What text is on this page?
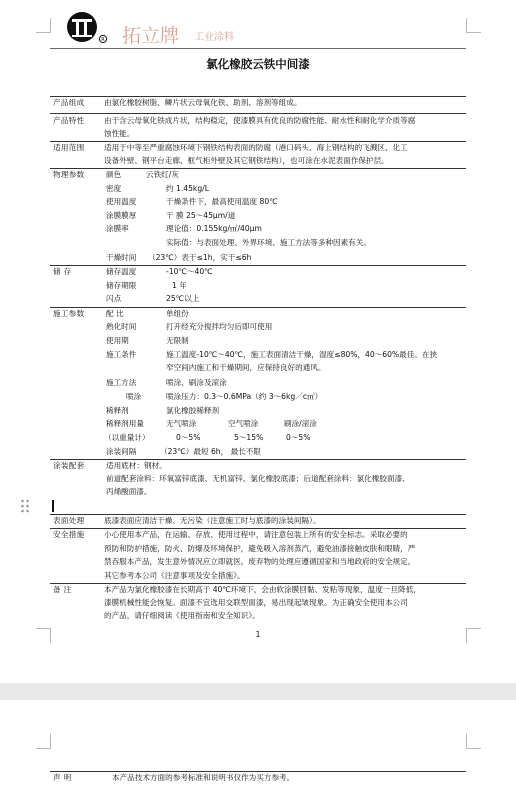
R 拓立牌 工业涂料
氯化橡胶云铁中间漆
产品组成	由氯化橡胶树脂、鳞片状云母氧化铁、助剂、溶剂等组成。
产品特性	由于含云母氧化铁成片状，结构稳定，使漆膜具有优良的防腐性能、耐水性和耐化学介质等腐
蚀性能。
适用范围	适用于中等至严重腐蚀环境下钢铁结构表面的防腐（港口码头、海上钢结构的飞溅区、化工
设备外壁、钢平台走廊、框气柜外壁及其它钢铁结构），也可涂在水泥表面作保护层。
物理参数	颜色	云铁红/灰
密度	约 1.45kg/L
使用温度	干燥条件下，最高使用温度 80℃
涂膜膜厚	干 膜 25～45μm/道
涂膜率	理论值：0.155kg/㎡/40μm
实际值：与表面处理、外界环境、施工方法等多种因素有关。
干燥时间 （23℃）表干≤1h，实干≤6h
储 存	储存温度	-10℃～40℃
储存期限	1 年
闪点	25℃以上
施工参数	配 比	单组份
熟化时间	打开经充分搅拌均匀后即可使用
使用期	无限制
施工条件	施工温度-10℃～40℃，施工表面清洁干燥，湿度≤80%，40～60%最佳。在狭
窄空间内施工和干燥期间，应保持良好的通风。
施工方法	喷涂、刷涂及滚涂
喷涂	喷涂压力：0.3～0.6MPa（约 3～6kg／c㎡）
稀释剂	氯化橡胶稀释剂
稀释剂用量	无气喷涂	空气喷涂	刷涂/滚涂
（以重量计）	0～5%	5～15%	0～5%
涂装间隔	（23℃）最短 6h， 最长不限
涂装配套	适用底材：钢材。
前道配套涂料：环氧富锌底漆、无机富锌、氯化橡胶底漆；后道配套涂料：氯化橡胶面漆、
丙烯酸面漆。
表面处理	底漆表面应清洁干燥、无污染（注意施工时与底漆的涂装间隔）。
安全措施	小心使用本产品，在运输、存放、使用过程中，请注意包装上所有的安全标志。采取必要的
预防和防护措施，防火、防爆及环境保护，避免吸入溶剂蒸汽，避免油漆接触皮肤和眼睛，严
禁吞服本产品，发生意外情况应立即就医。废弃物的处理应遵循国家和当地政府的安全规定。
其它参考本公司《注意事项及安全措施》。
备 注	本产品为氯化橡胶漆在长期高于 40℃环境下，会由软涂膜回黏、发粘等现象，温度一旦降低，
漆膜机械性能会恢复。面漆不宜选用交联型面漆，易出现起皱现象。为正确安全使用本公司
的产品，请仔细阅读《使用指南和安全知识》。
1
声 明	本产品技术方面的参考标准和说明书仅作为买方参考。
